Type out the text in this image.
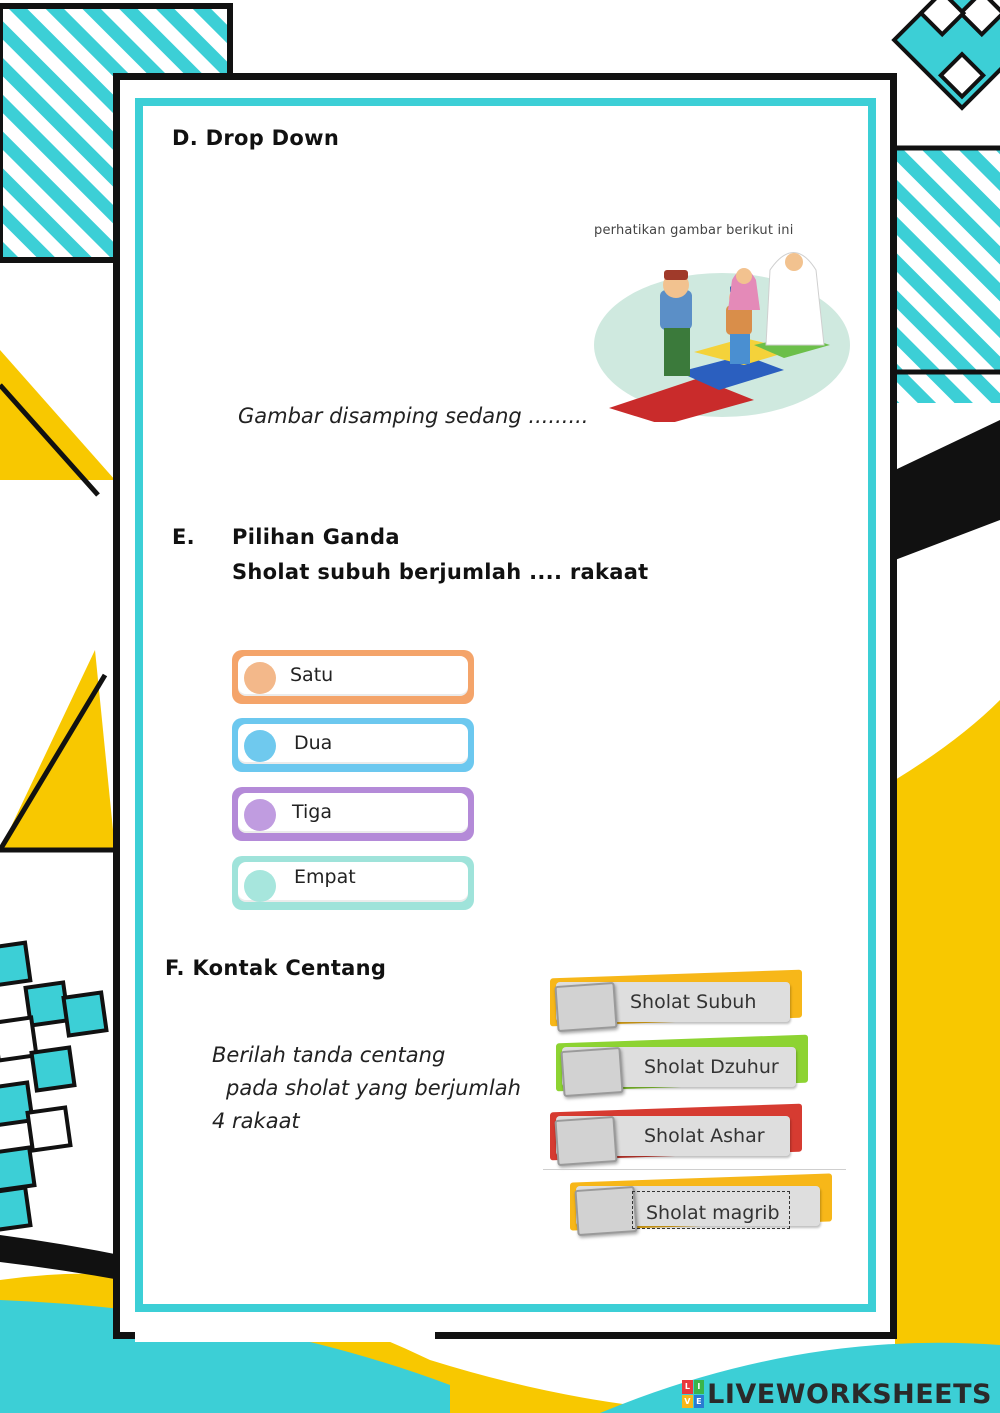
D. Drop Down
perhatikan gambar berikut ini
Gambar disamping sedang .........
E. Pilihan Ganda
Sholat subuh berjumlah .... rakaat
Satu
Dua
Tiga
Empat
F. Kontak Centang
Berilah tanda centang
pada sholat yang berjumlah
4 rakaat
Sholat Subuh
Sholat Dzuhur
Sholat Ashar
Sholat magrib
L I
V E LIVEWORKSHEETS
